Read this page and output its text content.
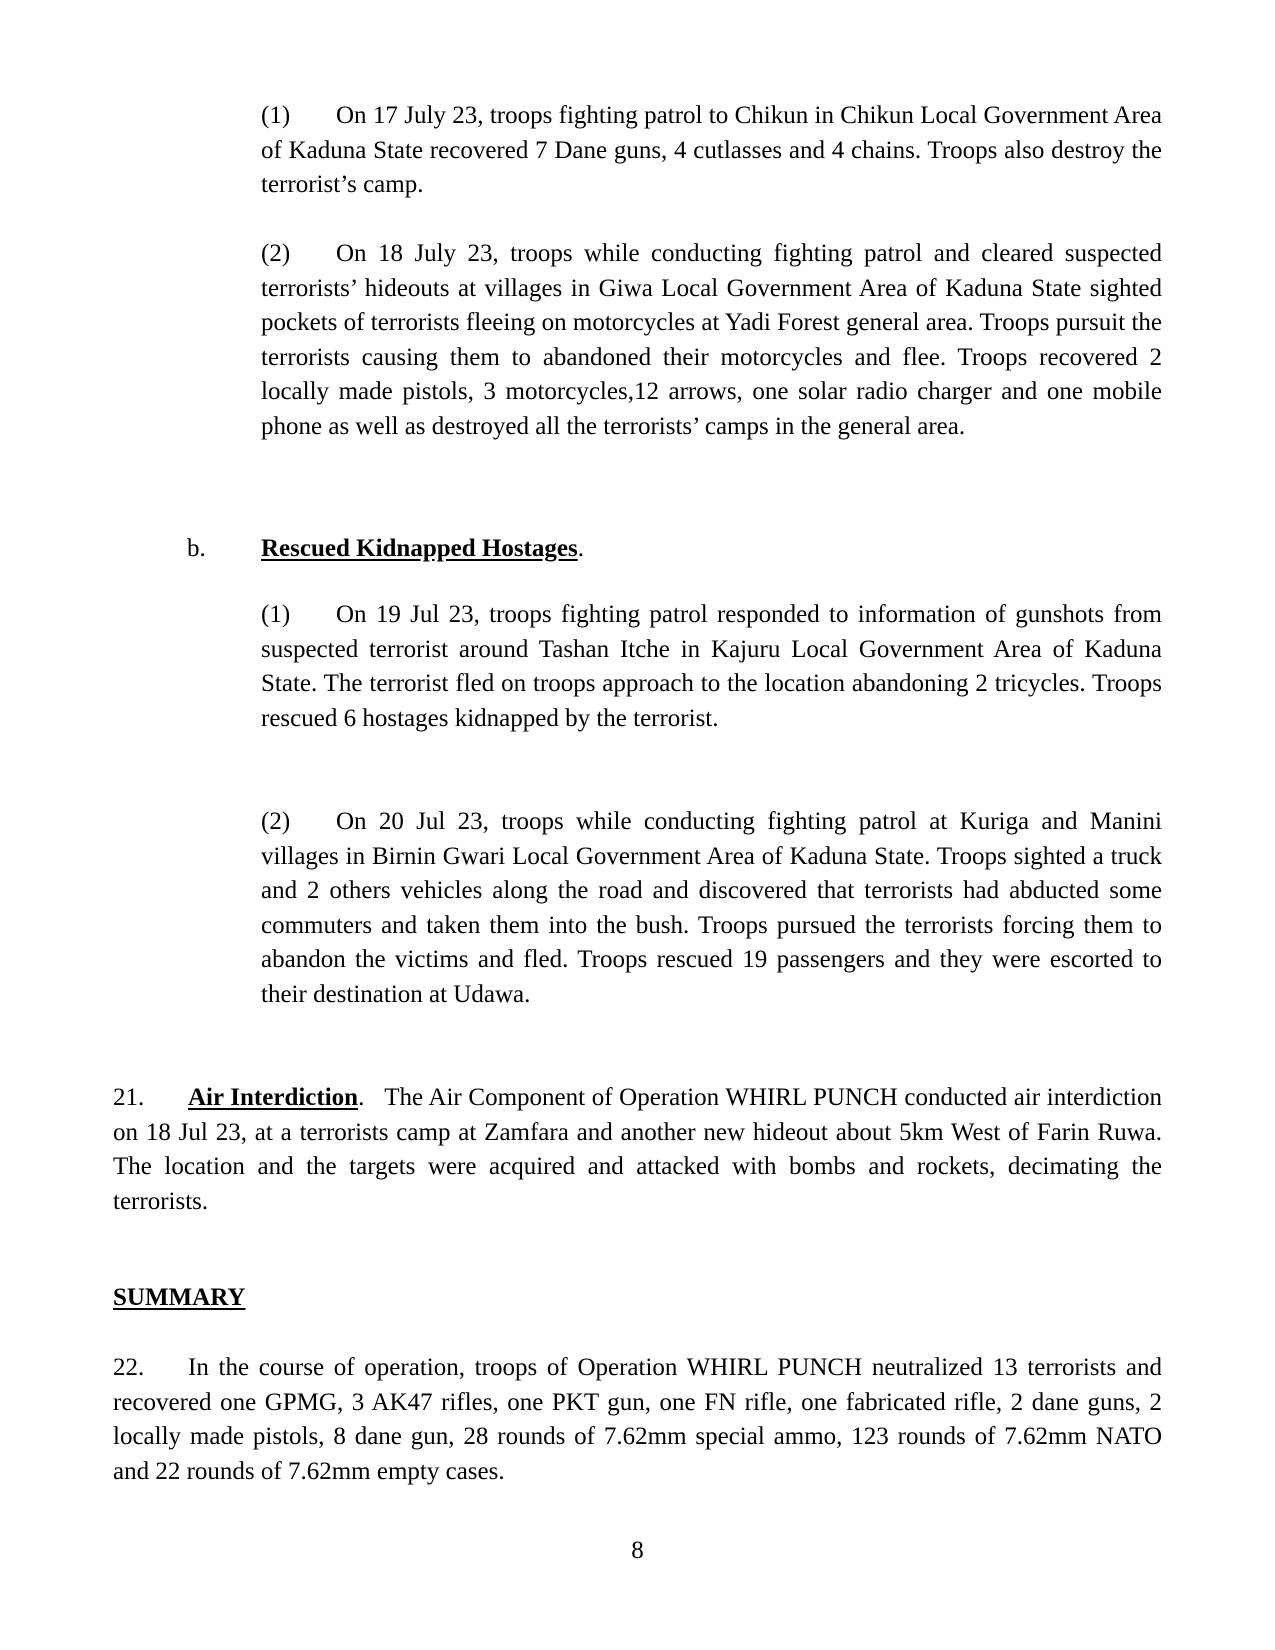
(1) On 17 July 23, troops fighting patrol to Chikun in Chikun Local Government Area of Kaduna State recovered 7 Dane guns, 4 cutlasses and 4 chains. Troops also destroy the terrorist’s camp.

(2) On 18 July 23, troops while conducting fighting patrol and cleared suspected terrorists’ hideouts at villages in Giwa Local Government Area of Kaduna State sighted pockets of terrorists fleeing on motorcycles at Yadi Forest general area. Troops pursuit the terrorists causing them to abandoned their motorcycles and flee. Troops recovered 2 locally made pistols, 3 motorcycles,12 arrows, one solar radio charger and one mobile phone as well as destroyed all the terrorists’ camps in the general area.

b. Rescued Kidnapped Hostages.

(1) On 19 Jul 23, troops fighting patrol responded to information of gunshots from suspected terrorist around Tashan Itche in Kajuru Local Government Area of Kaduna State. The terrorist fled on troops approach to the location abandoning 2 tricycles. Troops rescued 6 hostages kidnapped by the terrorist.

(2) On 20 Jul 23, troops while conducting fighting patrol at Kuriga and Manini villages in Birnin Gwari Local Government Area of Kaduna State. Troops sighted a truck and 2 others vehicles along the road and discovered that terrorists had abducted some commuters and taken them into the bush. Troops pursued the terrorists forcing them to abandon the victims and fled. Troops rescued 19 passengers and they were escorted to their destination at Udawa.

21. Air Interdiction. The Air Component of Operation WHIRL PUNCH conducted air interdiction on 18 Jul 23, at a terrorists camp at Zamfara and another new hideout about 5km West of Farin Ruwa. The location and the targets were acquired and attacked with bombs and rockets, decimating the terrorists.

SUMMARY

22. In the course of operation, troops of Operation WHIRL PUNCH neutralized 13 terrorists and recovered one GPMG, 3 AK47 rifles, one PKT gun, one FN rifle, one fabricated rifle, 2 dane guns, 2 locally made pistols, 8 dane gun, 28 rounds of 7.62mm special ammo, 123 rounds of 7.62mm NATO and 22 rounds of 7.62mm empty cases.

8
